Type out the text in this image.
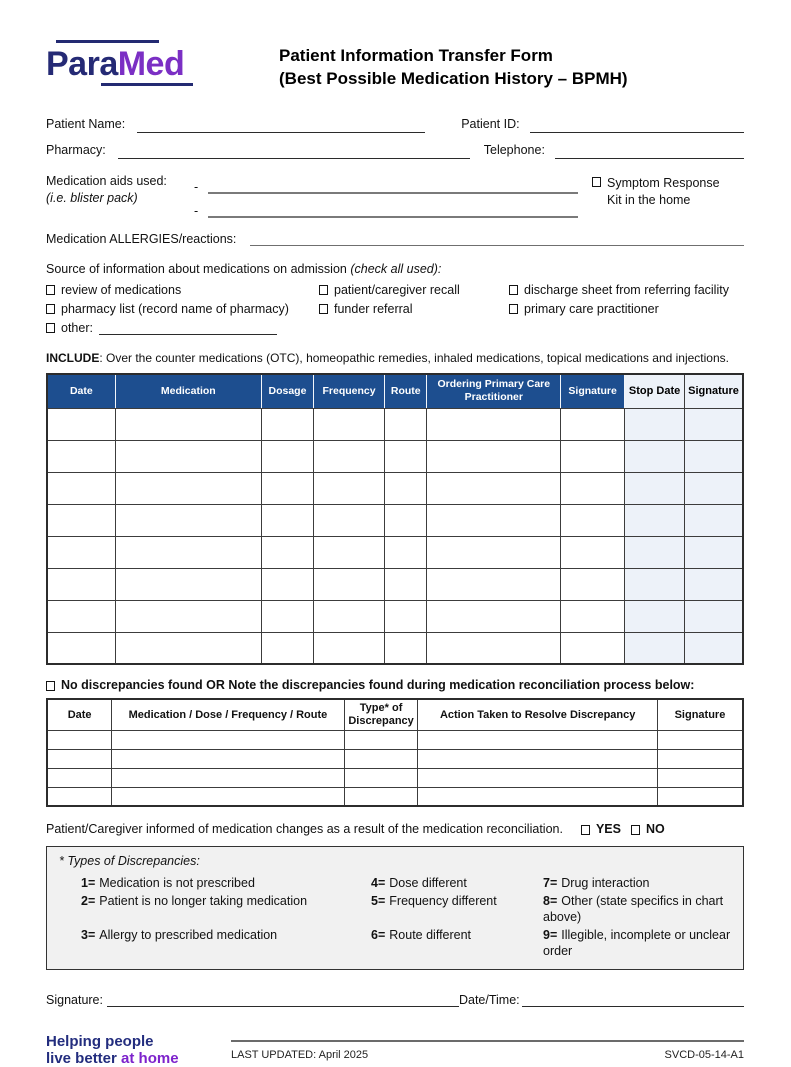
ParaMed	Patient Information Transfer Form
(Best Possible Medication History – BPMH)
Patient Name:	Patient ID:
Pharmacy:	Telephone:
Medication aids used:
(i.e. blister pack)
-
-
Symptom Response
Kit in the home
Medication ALLERGIES/reactions:
Source of information about medications on admission (check all used):
review of medications	patient/caregiver recall	discharge sheet from referring facility
pharmacy list (record name of pharmacy)	funder referral	primary care practitioner
other:
INCLUDE: Over the counter medications (OTC), homeopathic remedies, inhaled medications, topical medications and injections.
Date	Medication	Dosage	Frequency	Route	Ordering Primary Care Practitioner	Signature	Stop Date	Signature

No discrepancies found OR Note the discrepancies found during medication reconciliation process below:
Date	Medication / Dose / Frequency / Route	Type* of Discrepancy	Action Taken to Resolve Discrepancy	Signature

Patient/Caregiver informed of medication changes as a result of the medication reconciliation.	YES NO
* Types of Discrepancies:
1= Medication is not prescribed	4= Dose different	7= Drug interaction
2= Patient is no longer taking medication	5= Frequency different	8= Other (state specifics in chart above)
3= Allergy to prescribed medication	6= Route different	9= Illegible, incomplete or unclear order
Signature:	Date/Time:
Helping people
live better at home	LAST UPDATED: April 2025	SVCD-05-14-A1
